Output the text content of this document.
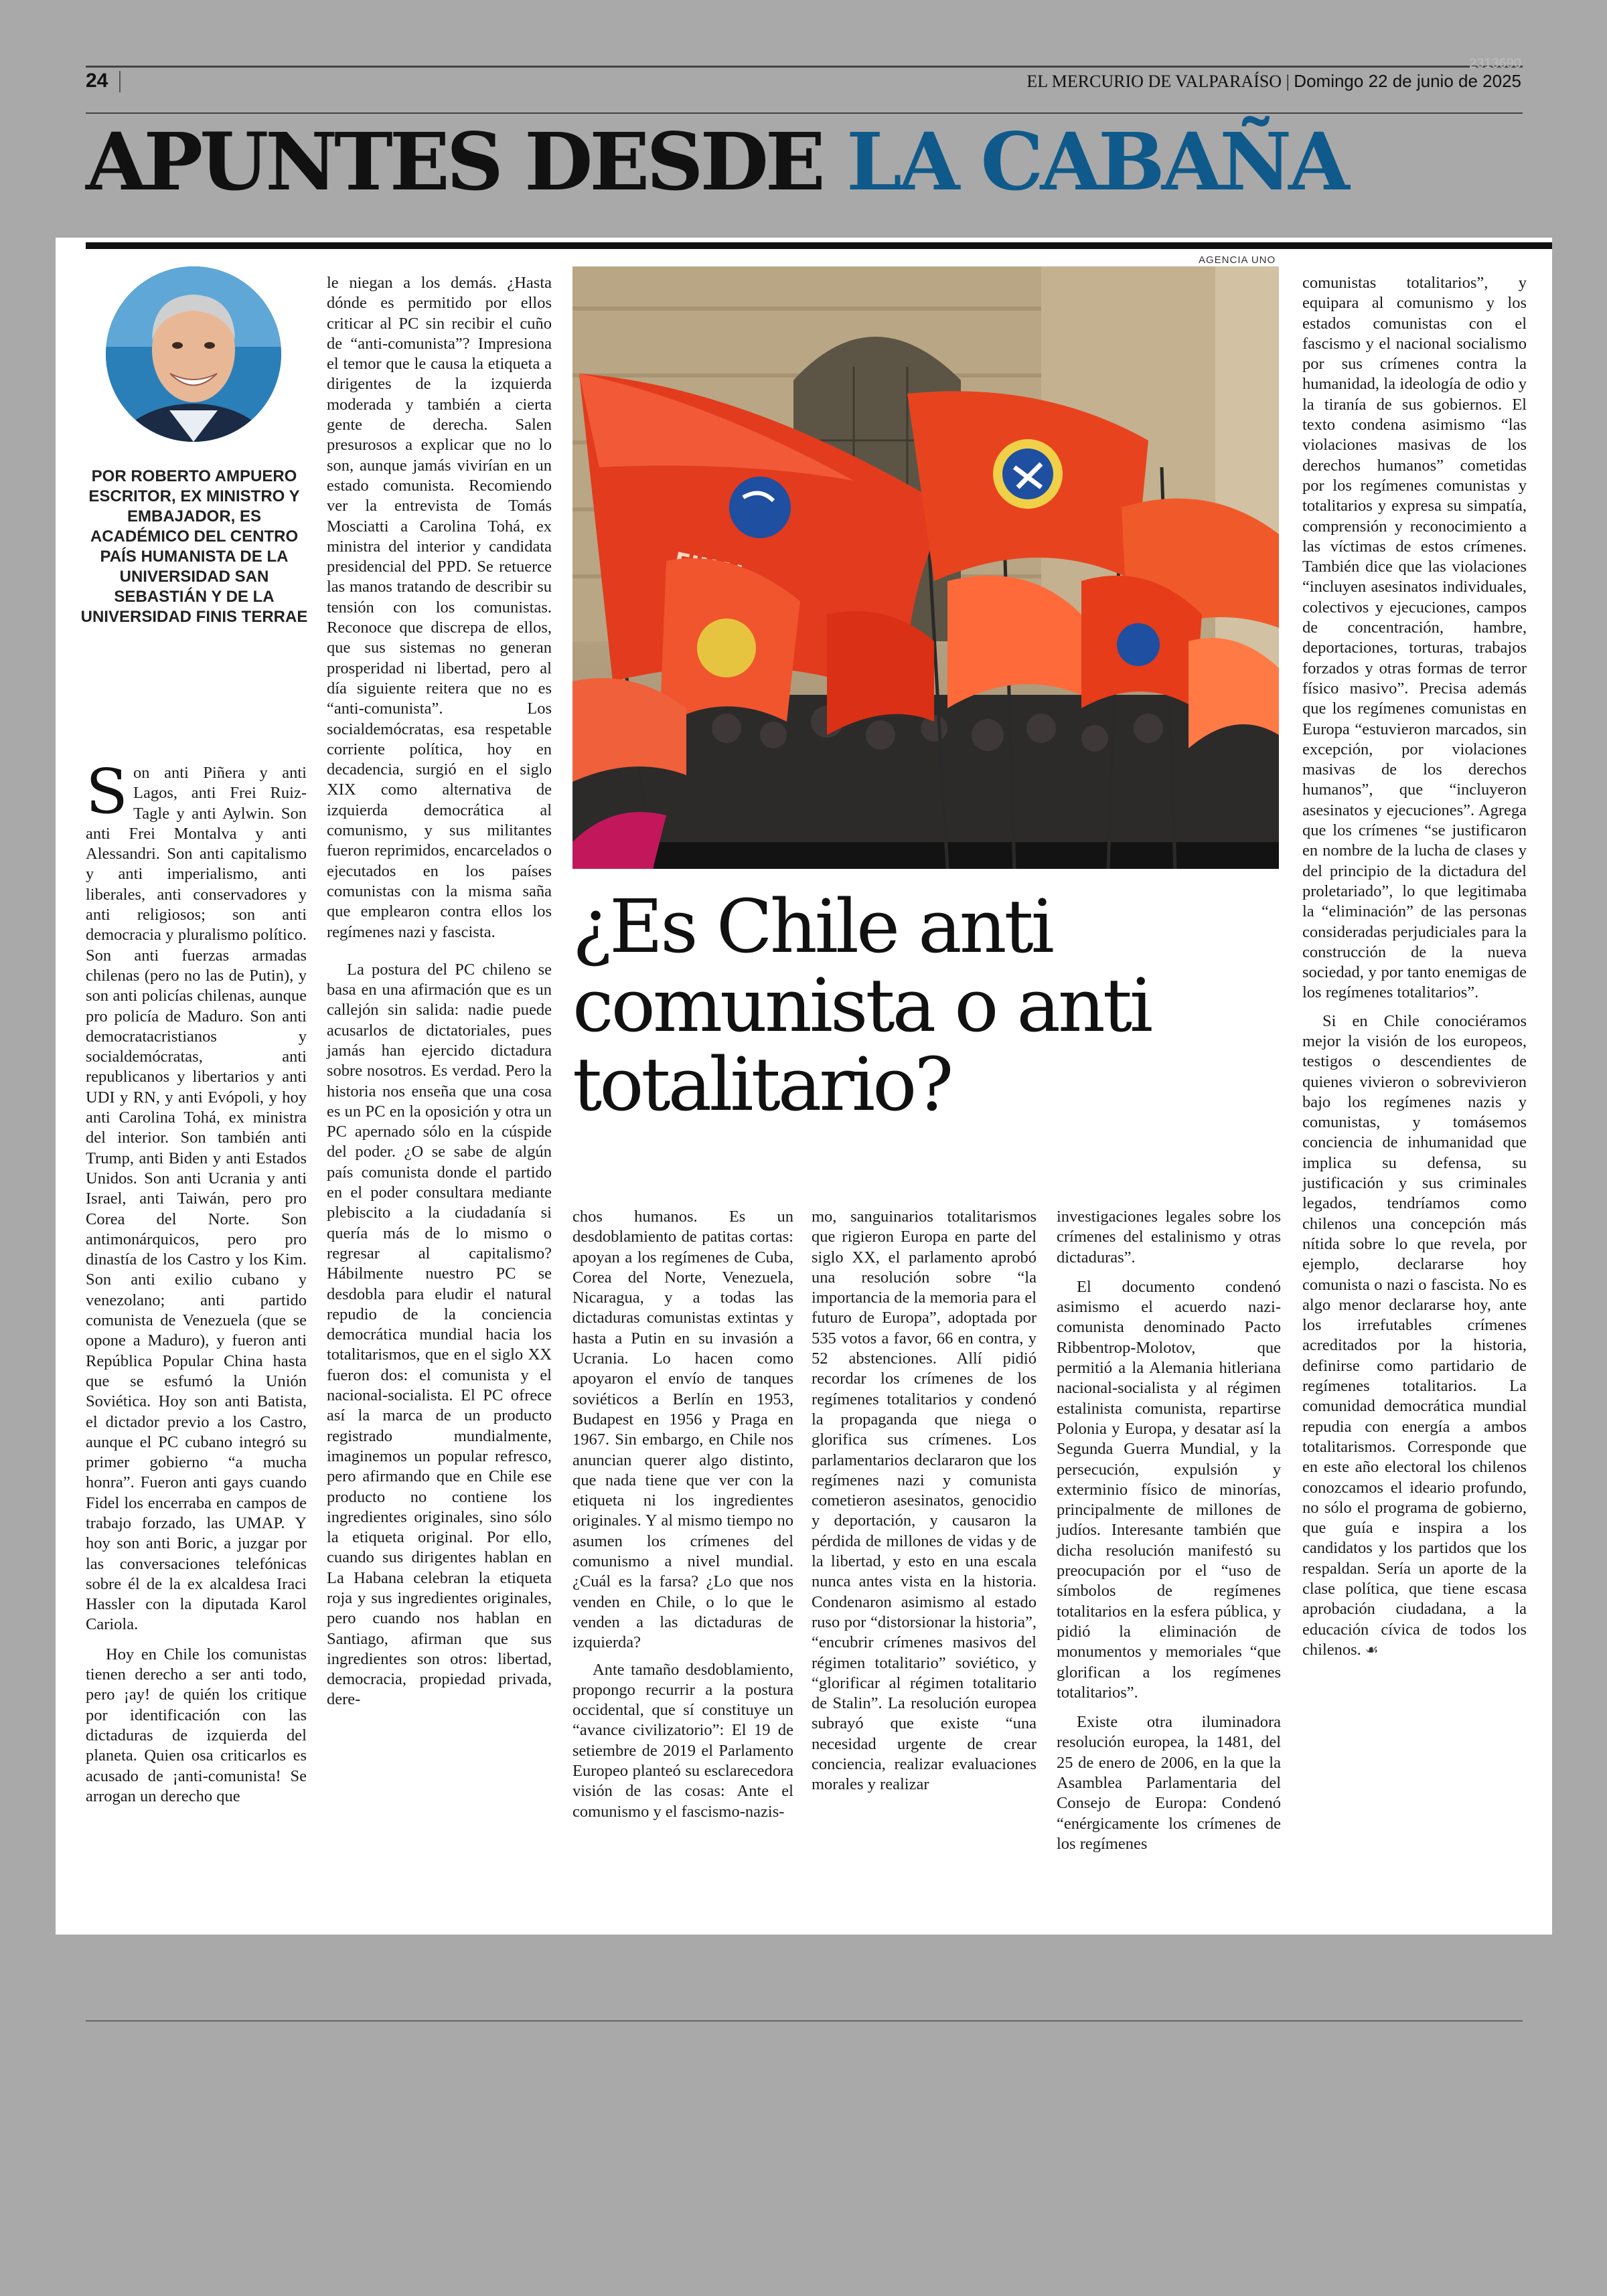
24
2313690
EL MERCURIO DE VALPARAÍSO | Domingo 22 de junio de 2025
APUNTES DESDE LA CABAÑA
POR ROBERTO AMPUERO ESCRITOR, EX MINISTRO Y EMBAJADOR, ES ACADÉMICO DEL CENTRO PAÍS HUMANISTA DE LA UNIVERSIDAD SAN SEBASTIÁN Y DE LA UNIVERSIDAD FINIS TERRAE
AGENCIA UNO
¿Es Chile anti comunista o anti totalitario?
S on anti Piñera y anti Lagos, anti Frei Ruiz-Tagle y anti Aylwin. Son anti Frei Montalva y anti Alessandri. Son anti capitalismo y anti imperialismo, anti liberales, anti conservadores y anti religiosos; son anti democracia y pluralismo político. Son anti fuerzas armadas chilenas (pero no las de Putin), y son anti policías chilenas, aunque pro policía de Maduro. Son anti democratacristianos y socialdemócratas, anti republicanos y libertarios y anti UDI y RN, y anti Evópoli, y hoy anti Carolina Tohá, ex ministra del interior. Son también anti Trump, anti Biden y anti Estados Unidos. Son anti Ucrania y anti Israel, anti Taiwán, pero pro Corea del Norte. Son antimonárquicos, pero pro dinastía de los Castro y los Kim. Son anti exilio cubano y venezolano; anti partido comunista de Venezuela (que se opone a Maduro), y fueron anti República Popular China hasta que se esfumó la Unión Soviética. Hoy son anti Batista, el dictador previo a los Castro, aunque el PC cubano integró su primer gobierno “a mucha honra”. Fueron anti gays cuando Fidel los encerraba en campos de trabajo forzado, las UMAP. Y hoy son anti Boric, a juzgar por las conversaciones telefónicas sobre él de la ex alcaldesa Iraci Hassler con la diputada Karol Cariola.

Hoy en Chile los comunistas tienen derecho a ser anti todo, pero ¡ay! de quién los critique por identificación con las dictaduras de izquierda del planeta. Quien osa criticarlos es acusado de ¡anti-comunista! Se arrogan un derecho que

le niegan a los demás. ¿Hasta dónde es permitido por ellos criticar al PC sin recibir el cuño de “anti-comunista”? Impresiona el temor que le causa la etiqueta a dirigentes de la izquierda moderada y también a cierta gente de derecha. Salen presurosos a explicar que no lo son, aunque jamás vivirían en un estado comunista. Recomiendo ver la entrevista de Tomás Mosciatti a Carolina Tohá, ex ministra del interior y candidata presidencial del PPD. Se retuerce las manos tratando de describir su tensión con los comunistas. Reconoce que discrepa de ellos, que sus sistemas no generan prosperidad ni libertad, pero al día siguiente reitera que no es “anti-comunista”. Los socialdemócratas, esa respetable corriente política, hoy en decadencia, surgió en el siglo XIX como alternativa de izquierda democrática al comunismo, y sus militantes fueron reprimidos, encarcelados o ejecutados en los países comunistas con la misma saña que emplearon contra ellos los regímenes nazi y fascista.

La postura del PC chileno se basa en una afirmación que es un callejón sin salida: nadie puede acusarlos de dictatoriales, pues jamás han ejercido dictadura sobre nosotros. Es verdad. Pero la historia nos enseña que una cosa es un PC en la oposición y otra un PC apernado sólo en la cúspide del poder. ¿O se sabe de algún país comunista donde el partido en el poder consultara mediante plebiscito a la ciudadanía si quería más de lo mismo o regresar al capitalismo? Hábilmente nuestro PC se desdobla para eludir el natural repudio de la conciencia democrática mundial hacia los totalitarismos, que en el siglo XX fueron dos: el comunista y el nacional-socialista. El PC ofrece así la marca de un producto registrado mundialmente, imaginemos un popular refresco, pero afirmando que en Chile ese producto no contiene los ingredientes originales, sino sólo la etiqueta original. Por ello, cuando sus dirigentes hablan en La Habana celebran la etiqueta roja y sus ingredientes originales, pero cuando nos hablan en Santiago, afirman que sus ingredientes son otros: libertad, democracia, propiedad privada, dere-

chos humanos. Es un desdoblamiento de patitas cortas: apoyan a los regímenes de Cuba, Corea del Norte, Venezuela, Nicaragua, y a todas las dictaduras comunistas extintas y hasta a Putin en su invasión a Ucrania. Lo hacen como apoyaron el envío de tanques soviéticos a Berlín en 1953, Budapest en 1956 y Praga en 1967. Sin embargo, en Chile nos anuncian querer algo distinto, que nada tiene que ver con la etiqueta ni los ingredientes originales. Y al mismo tiempo no asumen los crímenes del comunismo a nivel mundial. ¿Cuál es la farsa? ¿Lo que nos venden en Chile, o lo que le venden a las dictaduras de izquierda?

Ante tamaño desdoblamiento, propongo recurrir a la postura occidental, que sí constituye un “avance civilizatorio”: El 19 de setiembre de 2019 el Parlamento Europeo planteó su esclarecedora visión de las cosas: Ante el comunismo y el fascismo-nazis-

mo, sanguinarios totalitarismos que rigieron Europa en parte del siglo XX, el parlamento aprobó una resolución sobre “la importancia de la memoria para el futuro de Europa”, adoptada por 535 votos a favor, 66 en contra, y 52 abstenciones. Allí pidió recordar los crímenes de los regímenes totalitarios y condenó la propaganda que niega o glorifica sus crímenes. Los parlamentarios declararon que los regímenes nazi y comunista cometieron asesinatos, genocidio y deportación, y causaron la pérdida de millones de vidas y de la libertad, y esto en una escala nunca antes vista en la historia. Condenaron asimismo al estado ruso por “distorsionar la historia”, “encubrir crímenes masivos del régimen totalitario” soviético, y “glorificar al régimen totalitario de Stalin”. La resolución europea subrayó que existe “una necesidad urgente de crear conciencia, realizar evaluaciones morales y realizar

investigaciones legales sobre los crímenes del estalinismo y otras dictaduras”.

El documento condenó asimismo el acuerdo nazi-comunista denominado Pacto Ribbentrop-Molotov, que permitió a la Alemania hitleriana nacional-socialista y al régimen estalinista comunista, repartirse Polonia y Europa, y desatar así la Segunda Guerra Mundial, y la persecución, expulsión y exterminio físico de minorías, principalmente de millones de judíos. Interesante también que dicha resolución manifestó su preocupación por el “uso de símbolos de regímenes totalitarios en la esfera pública, y pidió la eliminación de monumentos y memoriales “que glorifican a los regímenes totalitarios”.

Existe otra iluminadora resolución europea, la 1481, del 25 de enero de 2006, en la que la Asamblea Parlamentaria del Consejo de Europa: Condenó “enérgicamente los crímenes de los regímenes

comunistas totalitarios”, y equipara al comunismo y los estados comunistas con el fascismo y el nacional socialismo por sus crímenes contra la humanidad, la ideología de odio y la tiranía de sus gobiernos. El texto condena asimismo “las violaciones masivas de los derechos humanos” cometidas por los regímenes comunistas y totalitarios y expresa su simpatía, comprensión y reconocimiento a las víctimas de estos crímenes. También dice que las violaciones “incluyen asesinatos individuales, colectivos y ejecuciones, campos de concentración, hambre, deportaciones, torturas, trabajos forzados y otras formas de terror físico masivo”. Precisa además que los regímenes comunistas en Europa “estuvieron marcados, sin excepción, por violaciones masivas de los derechos humanos”, que “incluyeron asesinatos y ejecuciones”. Agrega que los crímenes “se justificaron en nombre de la lucha de clases y del principio de la dictadura del proletariado”, lo que legitimaba la “eliminación” de las personas consideradas perjudiciales para la construcción de la nueva sociedad, y por tanto enemigas de los regímenes totalitarios”.

Si en Chile conociéramos mejor la visión de los europeos, testigos o descendientes de quienes vivieron o sobrevivieron bajo los regímenes nazis y comunistas, y tomásemos conciencia de inhumanidad que implica su defensa, su justificación y sus criminales legados, tendríamos como chilenos una concepción más nítida sobre lo que revela, por ejemplo, declararse hoy comunista o nazi o fascista. No es algo menor declararse hoy, ante los irrefutables crímenes acreditados por la historia, definirse como partidario de regímenes totalitarios. La comunidad democrática mundial repudia con energía a ambos totalitarismos. Corresponde que en este año electoral los chilenos conozcamos el ideario profundo, no sólo el programa de gobierno, que guía e inspira a los candidatos y los partidos que los respaldan. Sería un aporte de la clase política, que tiene escasa aprobación ciudadana, a la educación cívica de todos los chilenos. ☙
